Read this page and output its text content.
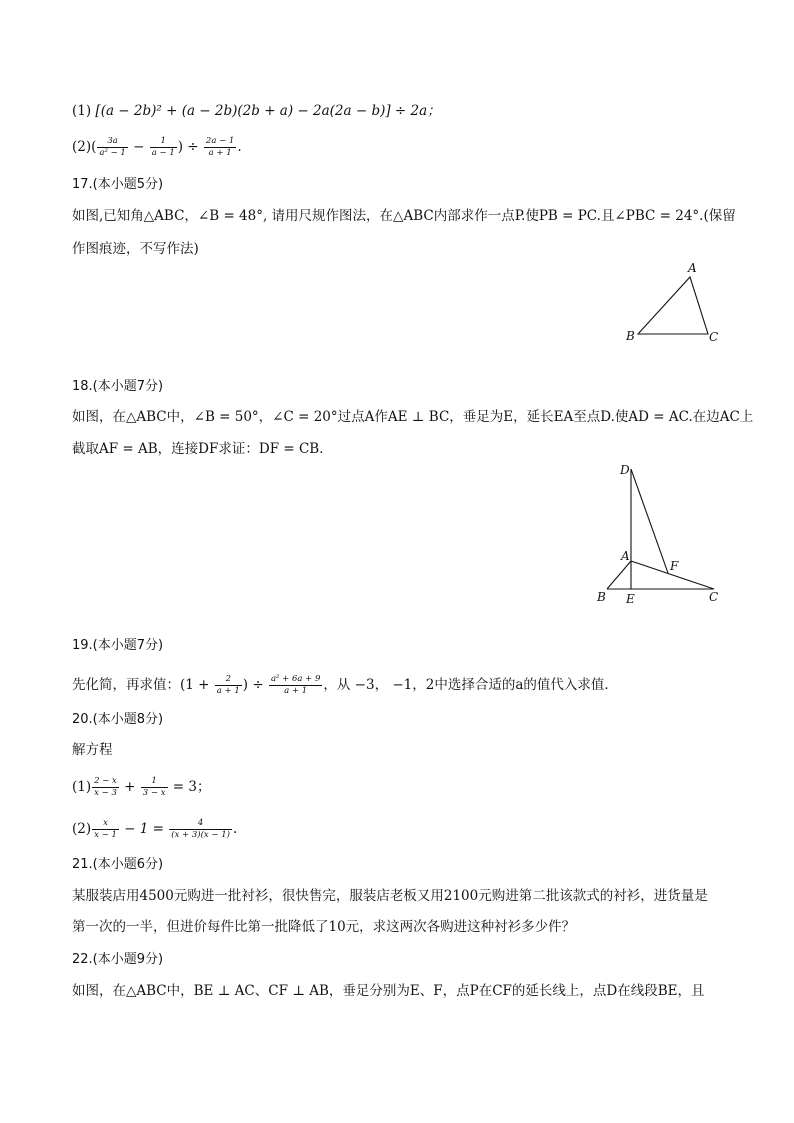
(1) [(a − 2b)² + (a − 2b)(2b + a) − 2a(2a − b)] ÷ 2a；
$(2)( \frac{3a}{\text{a² − 1}} - \frac{1}{a - 1}$ ) ÷ $\frac{2a - 1}{a + 1}$ .
17.(本小题5分)
如图,已知角△ABC，∠B = 48°, 请用尺规作图法，在△ABC内部求作一点P.使PB = PC.且∠PBC = 24°.(保留
作图痕迹，不写作法)
A
B	C
18.(本小题7分)
如图，在△ABC中，∠B = 50°，∠C = 20°过点A作AE ⊥ BC，垂足为E，延长EA至点D.使AD = AC.在边AC上
截取AF = AB，连接DF求证：DF = CB．
D
A
F
B E	C
19.(本小题7分)
先化简，再求值：($1 + \frac{2}{a + 1}$ ) ÷ $\frac{\text{a² + 6a + 9}}{a + 1}$ ，从 −3， −1，2中选择合适的a的值代入求值．
20.(本小题8分)
解方程
$(1) \frac{2 - x}{x - 3} + \frac{1}{3 - x} = 3$；
$(2) \frac{x}{x - 1} - 1 = \frac{4}{(x + 3)(x - 1)}$ .
21.(本小题6分)
某服装店用4500元购进一批衬衫，很快售完，服装店老板又用2100元购进第二批该款式的衬衫，进货量是
第一次的一半，但进价每件比第一批降低了10元，求这两次各购进这种衬衫多少件？
22.(本小题9分)
如图，在△ABC中，BE ⊥ AC、CF ⊥ AB，垂足分别为E、F，点P在CF的延长线上，点D在线段BE，且
